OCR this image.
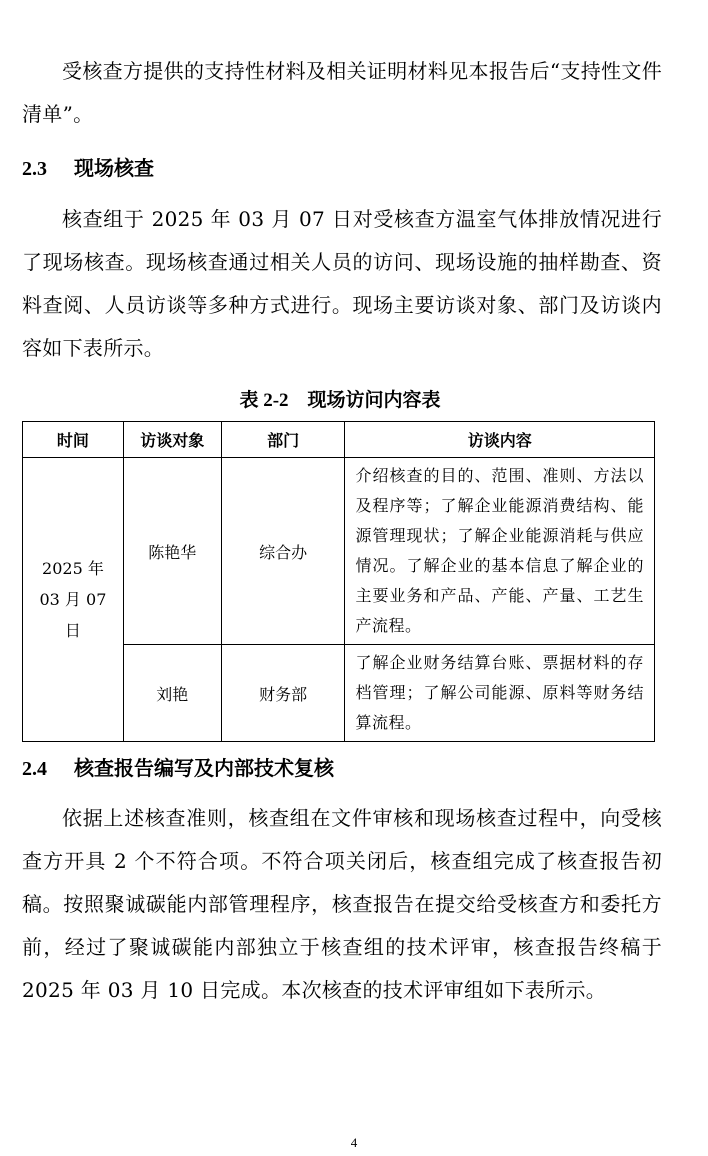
受核查方提供的支持性材料及相关证明材料见本报告后“支持性文件清单”。

2.3 现场核查

核查组于 2025 年 03 月 07 日对受核查方温室气体排放情况进行了现场核查。现场核查通过相关人员的访问、现场设施的抽样勘查、资料查阅、人员访谈等多种方式进行。现场主要访谈对象、部门及访谈内容如下表所示。

表 2-2　 现场访问内容表

时间	访谈对象	部门	访谈内容

2025 年
03 月 07
日	陈艳华	综合办	介绍核查的目的、范围、准则、方法以及程序等；了解企业能源消费结构、能源管理现状；了解企业能源消耗与供应情况。了解企业的基本信息了解企业的主要业务和产品、产能、产量、工艺生产流程。
	刘艳	财务部	了解企业财务结算台账、票据材料的存档管理；了解公司能源、原料等财务结算流程。
2.4 核查报告编写及内部技术复核

依据上述核查准则，核查组在文件审核和现场核查过程中，向受核查方开具 2 个不符合项。不符合项关闭后，核查组完成了核查报告初稿。按照聚诚碳能内部管理程序，核查报告在提交给受核查方和委托方前，经过了聚诚碳能内部独立于核查组的技术评审，核查报告终稿于 2025 年 03 月 10 日完成。本次核查的技术评审组如下表所示。

4
